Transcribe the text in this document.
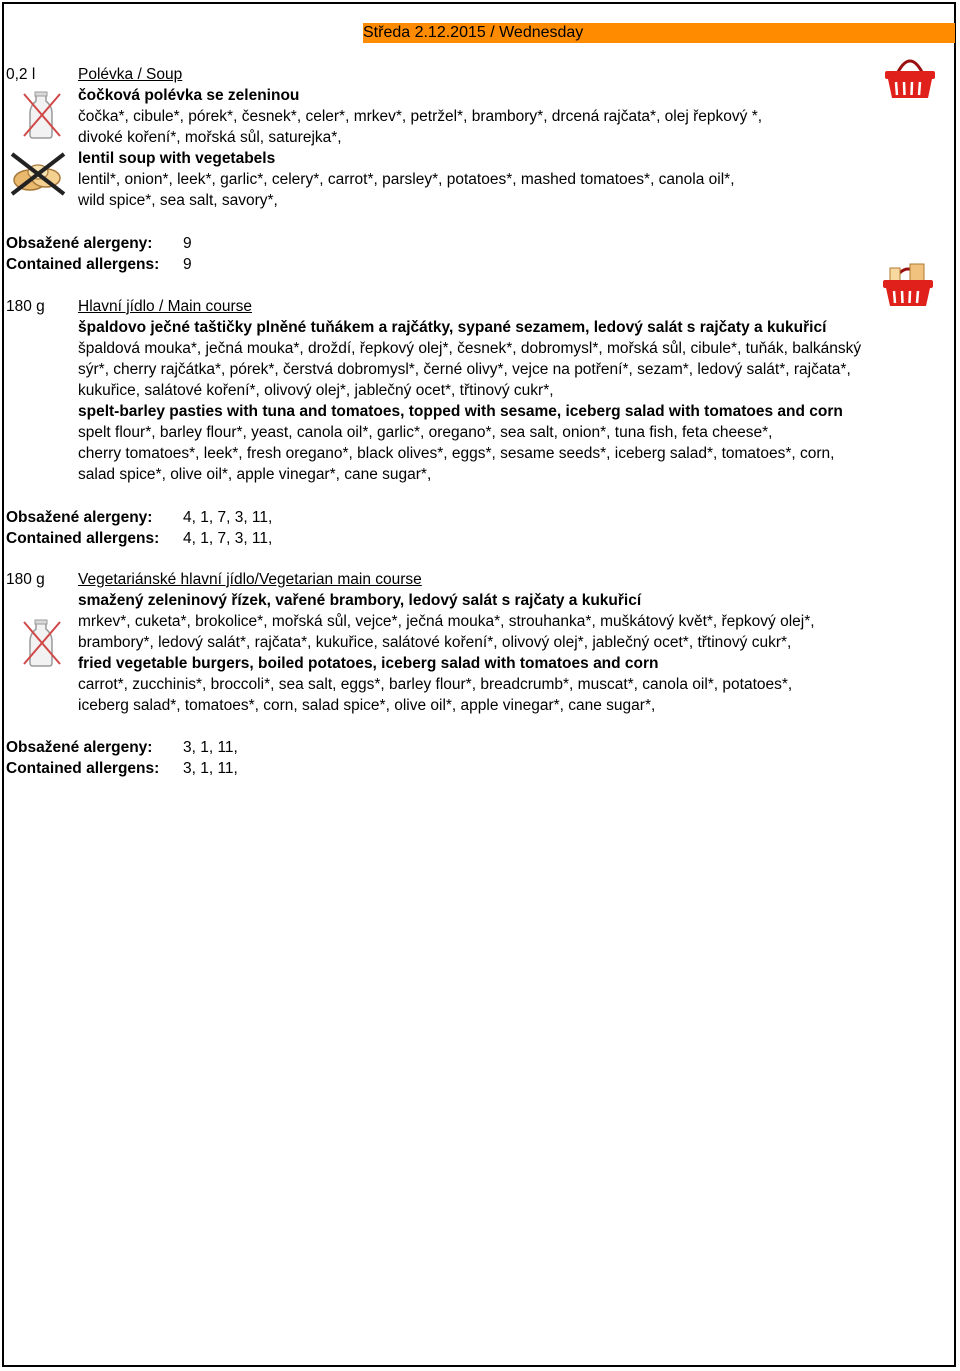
Středa 2.12.2015 / Wednesday
0,2 l	Polévka / Soup
čočková polévka se zeleninou
čočka*, cibule*, pórek*, česnek*, celer*, mrkev*, petržel*, brambory*, drcená rajčata*, olej řepkový *,
divoké koření*, mořská sůl, saturejka*,
lentil soup with vegetabels
lentil*, onion*, leek*, garlic*, celery*, carrot*, parsley*, potatoes*, mashed tomatoes*, canola oil*,
wild spice*, sea salt, savory*,
Obsažené alergeny: 9
Contained allergens: 9
180 g Hlavní jídlo / Main course
špaldovo ječné taštičky plněné tuňákem a rajčátky, sypané sezamem, ledový salát s rajčaty a kukuřicí
špaldová mouka*, ječná mouka*, droždí, řepkový olej*, česnek*, dobromysl*, mořská sůl, cibule*, tuňák, balkánský
sýr*, cherry rajčátka*, pórek*, čerstvá dobromysl*, černé olivy*, vejce na potření*, sezam*, ledový salát*, rajčata*,
kukuřice, salátové koření*, olivový olej*, jablečný ocet*, třtinový cukr*,
spelt-barley pasties with tuna and tomatoes, topped with sesame, iceberg salad with tomatoes and corn
spelt flour*, barley flour*, yeast, canola oil*, garlic*, oregano*, sea salt, onion*, tuna fish, feta cheese*,
cherry tomatoes*, leek*, fresh oregano*, black olives*, eggs*, sesame seeds*, iceberg salad*, tomatoes*, corn,
salad spice*, olive oil*, apple vinegar*, cane sugar*,
Obsažené alergeny: 4, 1, 7, 3, 11,
Contained allergens: 4, 1, 7, 3, 11,
180 g Vegetariánské hlavní jídlo/Vegetarian main course
smažený zeleninový řízek, vařené brambory, ledový salát s rajčaty a kukuřicí
mrkev*, cuketa*, brokolice*, mořská sůl, vejce*, ječná mouka*, strouhanka*, muškátový květ*, řepkový olej*,
brambory*, ledový salát*, rajčata*, kukuřice, salátové koření*, olivový olej*, jablečný ocet*, třtinový cukr*,
fried vegetable burgers, boiled potatoes, iceberg salad with tomatoes and corn
carrot*, zucchinis*, broccoli*, sea salt, eggs*, barley flour*, breadcrumb*, muscat*, canola oil*, potatoes*,
iceberg salad*, tomatoes*, corn, salad spice*, olive oil*, apple vinegar*, cane sugar*,
Obsažené alergeny: 3, 1, 11,
Contained allergens: 3, 1, 11,
